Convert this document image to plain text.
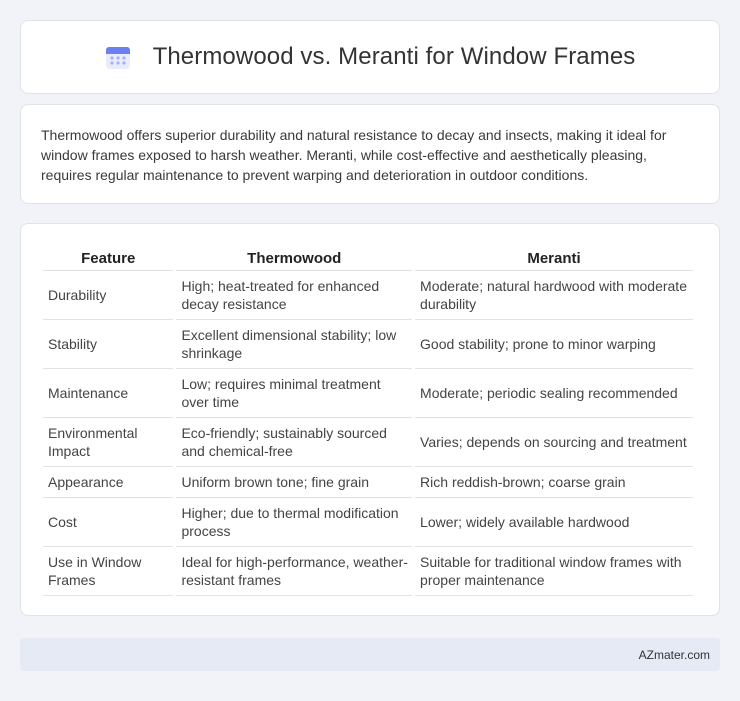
Thermowood vs. Meranti for Window Frames

Thermowood offers superior durability and natural resistance to decay and insects, making it ideal for window frames exposed to harsh weather. Meranti, while cost-effective and aesthetically pleasing, requires regular maintenance to prevent warping and deterioration in outdoor conditions.

Feature	Thermowood	Meranti
Durability	High; heat-treated for enhanced decay resistance	Moderate; natural hardwood with moderate durability
Stability	Excellent dimensional stability; low shrinkage	Good stability; prone to minor warping
Maintenance	Low; requires minimal treatment over time	Moderate; periodic sealing recommended
Environmental Impact	Eco-friendly; sustainably sourced and chemical-free	Varies; depends on sourcing and treatment
Appearance	Uniform brown tone; fine grain	Rich reddish-brown; coarse grain
Cost	Higher; due to thermal modification process	Lower; widely available hardwood
Use in Window Frames	Ideal for high-performance, weather-resistant frames	Suitable for traditional window frames with proper maintenance
AZmater.com
